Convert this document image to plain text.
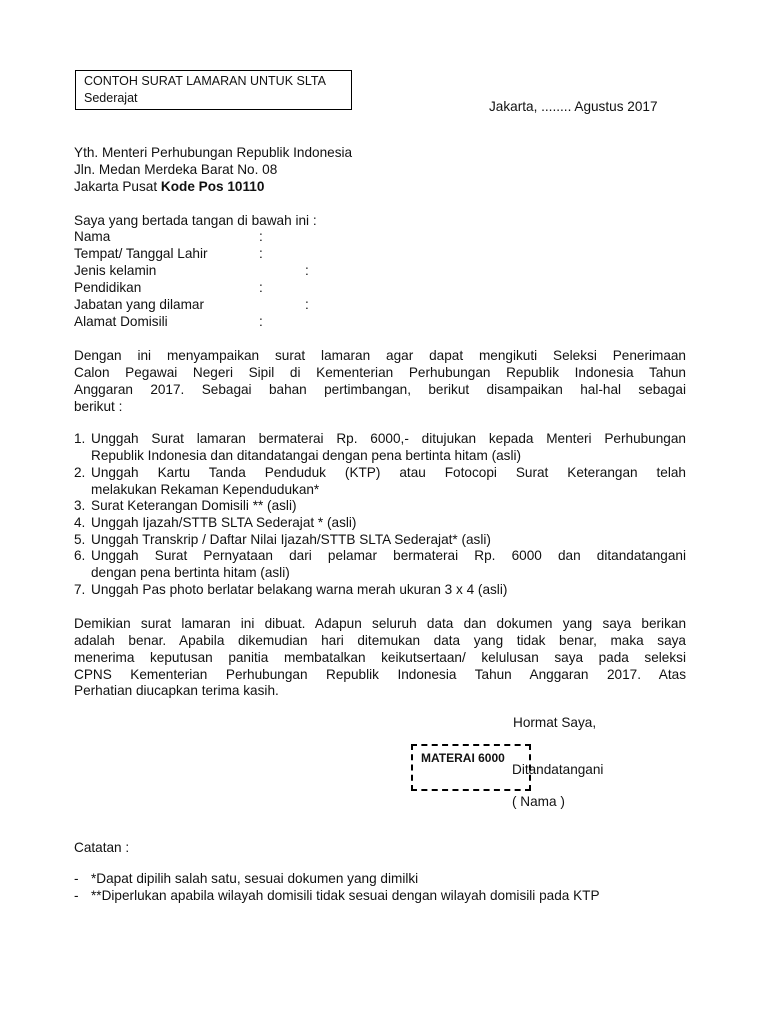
CONTOH SURAT LAMARAN UNTUK SLTA
Sederajat
Jakarta, ........ Agustus 2017
Yth. Menteri Perhubungan Republik Indonesia
Jln. Medan Merdeka Barat No. 08
Jakarta Pusat Kode Pos 10110
Saya yang bertada tangan di bawah ini :
Nama	:
Tempat/ Tanggal Lahir	:
Jenis kelamin	:
Pendidikan	:
Jabatan yang dilamar	:
Alamat Domisili	:
Dengan ini menyampaikan surat lamaran agar dapat mengikuti Seleksi Penerimaan
Calon Pegawai Negeri Sipil di Kementerian Perhubungan Republik Indonesia Tahun
Anggaran 2017. Sebagai bahan pertimbangan, berikut disampaikan hal-hal sebagai
berikut :
1. Unggah Surat lamaran bermaterai Rp. 6000,- ditujukan kepada Menteri Perhubungan
Republik Indonesia dan ditandatangai dengan pena bertinta hitam (asli)
2. Unggah Kartu Tanda Penduduk (KTP) atau Fotocopi Surat Keterangan telah
melakukan Rekaman Kependudukan*
3. Surat Keterangan Domisili ** (asli)
4. Unggah Ijazah/STTB SLTA Sederajat * (asli)
5. Unggah Transkrip / Daftar Nilai Ijazah/STTB SLTA Sederajat* (asli)
6. Unggah Surat Pernyataan dari pelamar bermaterai Rp. 6000 dan ditandatangani
dengan pena bertinta hitam (asli)
7. Unggah Pas photo berlatar belakang warna merah ukuran 3 x 4 (asli)
Demikian surat lamaran ini dibuat. Adapun seluruh data dan dokumen yang saya berikan
adalah benar. Apabila dikemudian hari ditemukan data yang tidak benar, maka saya
menerima keputusan panitia membatalkan keikutsertaan/ kelulusan saya pada seleksi
CPNS Kementerian Perhubungan Republik Indonesia Tahun Anggaran 2017. Atas
Perhatian diucapkan terima kasih.
Hormat Saya,
MATERAI 6000
Ditandatangani
( Nama )
Catatan :
- *Dapat dipilih salah satu, sesuai dokumen yang dimilki
- **Diperlukan apabila wilayah domisili tidak sesuai dengan wilayah domisili pada KTP
